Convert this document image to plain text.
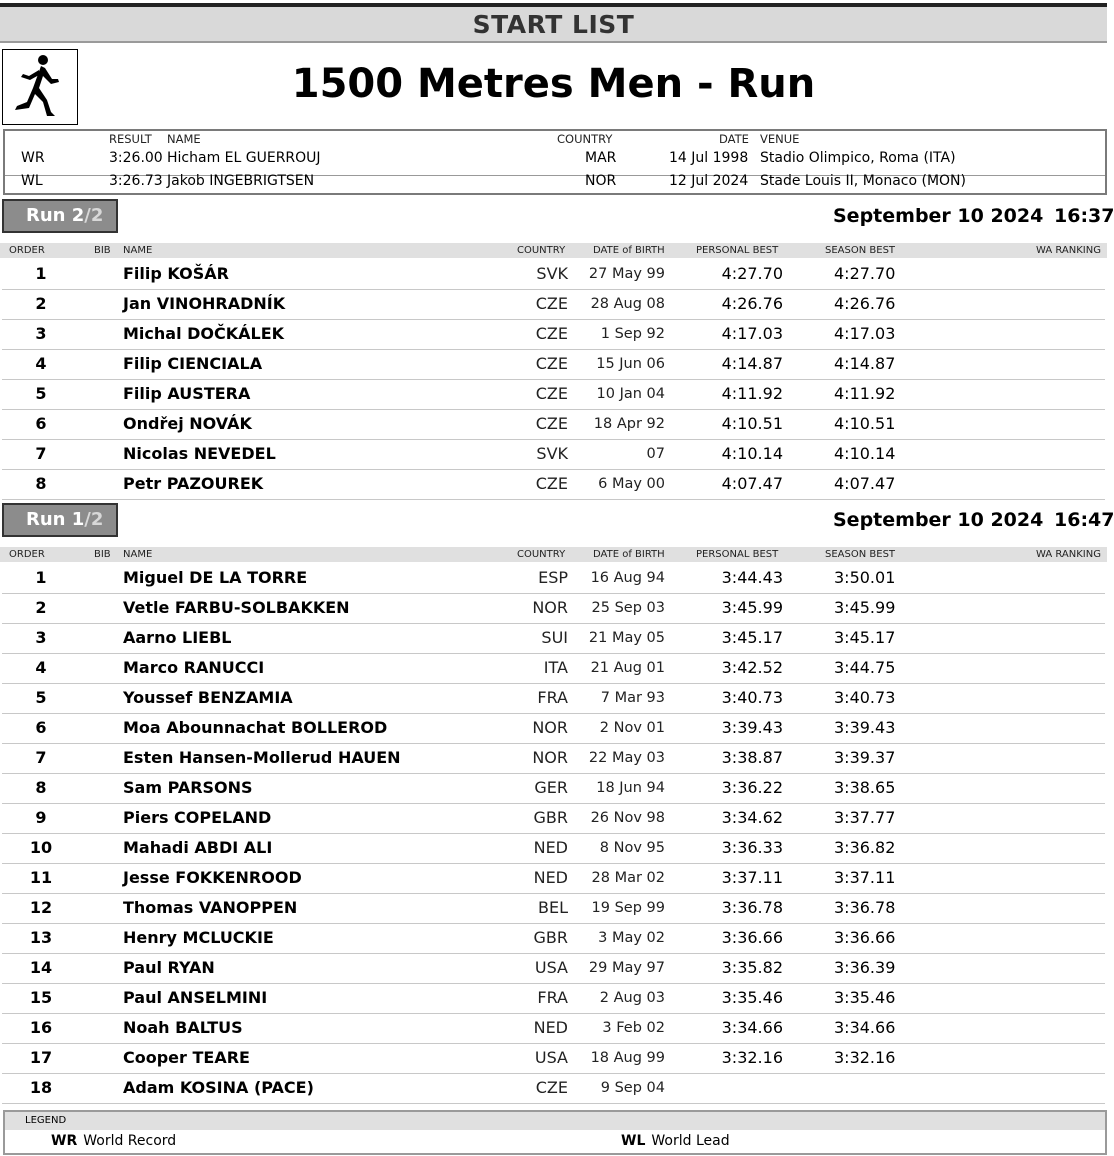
START LIST
1500 Metres Men - Run
RESULT NAME	COUNTRY	DATE VENUE
WR	3:26.00 Hicham EL GUERROUJ	MAR	14 Jul 1998 Stadio Olimpico, Roma (ITA)
WL	3:26.73 Jakob INGEBRIGTSEN	NOR	12 Jul 2024 Stade Louis II, Monaco (MON)
Run 2/2	September 10 2024 16:37
ORDER	BIB NAME	COUNTRY	DATE of BIRTH	PERSONAL BEST	SEASON BEST	WA RANKING
1	Filip KOŠÁR	SVK	27 May 99	4:27.70	4:27.70
2	Jan VINOHRADNÍK	CZE	28 Aug 08	4:26.76	4:26.76
3	Michal DOČKÁLEK	CZE	1 Sep 92	4:17.03	4:17.03
4	Filip CIENCIALA	CZE	15 Jun 06	4:14.87	4:14.87
5	Filip AUSTERA	CZE	10 Jan 04	4:11.92	4:11.92
6	Ondřej NOVÁK	CZE	18 Apr 92	4:10.51	4:10.51
7	Nicolas NEVEDEL	SVK	07	4:10.14	4:10.14
8	Petr PAZOUREK	CZE	6 May 00	4:07.47	4:07.47
Run 1/2	September 10 2024 16:47
ORDER	BIB NAME	COUNTRY	DATE of BIRTH	PERSONAL BEST	SEASON BEST	WA RANKING
1	Miguel DE LA TORRE	ESP	16 Aug 94	3:44.43	3:50.01
2	Vetle FARBU-SOLBAKKEN	NOR	25 Sep 03	3:45.99	3:45.99
3	Aarno LIEBL	SUI	21 May 05	3:45.17	3:45.17
4	Marco RANUCCI	ITA	21 Aug 01	3:42.52	3:44.75
5	Youssef BENZAMIA	FRA	7 Mar 93	3:40.73	3:40.73
6	Moa Abounnachat BOLLEROD	NOR	2 Nov 01	3:39.43	3:39.43
7	Esten Hansen-Mollerud HAUEN	NOR	22 May 03	3:38.87	3:39.37
8	Sam PARSONS	GER	18 Jun 94	3:36.22	3:38.65
9	Piers COPELAND	GBR	26 Nov 98	3:34.62	3:37.77
10	Mahadi ABDI ALI	NED	8 Nov 95	3:36.33	3:36.82
11	Jesse FOKKENROOD	NED	28 Mar 02	3:37.11	3:37.11
12	Thomas VANOPPEN	BEL	19 Sep 99	3:36.78	3:36.78
13	Henry MCLUCKIE	GBR	3 May 02	3:36.66	3:36.66
14	Paul RYAN	USA	29 May 97	3:35.82	3:36.39
15	Paul ANSELMINI	FRA	2 Aug 03	3:35.46	3:35.46
16	Noah BALTUS	NED	3 Feb 02	3:34.66	3:34.66
17	Cooper TEARE	USA	18 Aug 99	3:32.16	3:32.16
18	Adam KOSINA (PACE)	CZE	9 Sep 04
LEGEND
WR World Record	WL World Lead
